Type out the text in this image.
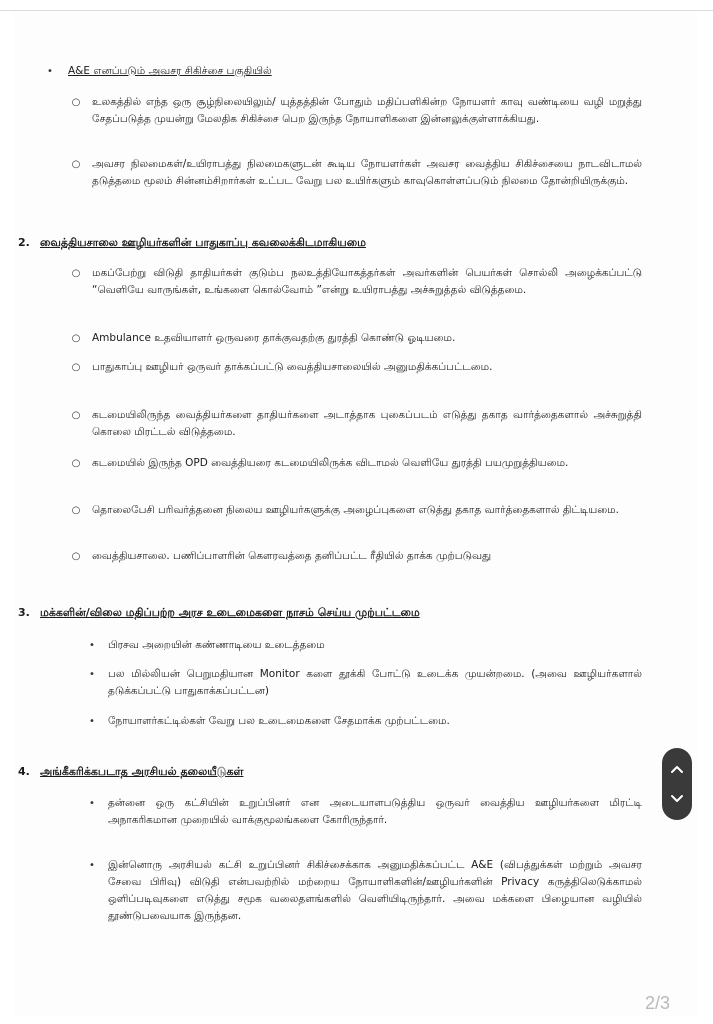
• A&E எனப்படும் அவசர சிகிச்சை பகுதியில்
○ உலகத்தில் எந்த ஒரு சூழ்நிலையிலும்/ யுத்தத்தின் போதும் மதிப்பளிகின்ற நோயளர் காவு வண்டியை வழி மறுத்து சேதப்படுத்த முயன்று மேலதிக சிகிச்சை பெற இருந்த நோயாளிகளை இன்னலுக்குள்ளாக்கியது.
○ அவசர நிலமைகள்/உயிராபத்து நிலமைகளுடன் கூடிய நோயளர்கள் அவசர வைத்திய சிகிச்சையை நாடவிடாமல் தடுத்தமை மூலம் சின்னம்சிறார்கள் உட்பட வேறு பல உயிர்களும் காவுகொள்ளப்படும் நிலமை தோன்றியிருக்கும்.
2. வைத்தியசாலை ஊழியர்களின் பாதுகாப்பு கவலைக்கிடமாகியமை
○ மகப்பேற்று விடுதி தாதியர்கள் குடும்ப நலஉத்தியோகத்தர்கள் அவர்களின் பெயர்கள் சொல்லி அழைக்கப்பட்டு “வெளியே வாருங்கள், உங்களை கொல்வோம் ”என்று உயிராபத்து அச்சுறுத்தல் விடுத்தமை.
○ Ambulance உதவியாளர் ஒருவரை தாக்குவதற்கு துரத்தி கொண்டு ஓடியமை.
○ பாதுகாப்பு ஊழியர் ஒருவர் தாக்கப்பட்டு வைத்தியசாலையில் அனுமதிக்கப்பட்டமை.
○ கடமையிலிருந்த வைத்தியர்களை தாதியர்களை அடாத்தாக புகைப்படம் எடுத்து தகாத வார்த்தைகளால் அச்சுறுத்தி கொலை மிரட்டல் விடுத்தமை.
○ கடமையில் இருந்த OPD வைத்தியரை கடமையிலிருக்க விடாமல் வெளியே துரத்தி பயமுறுத்தியமை.
○ தொலைபேசி பரிவர்த்தனை நிலைய ஊழியர்களுக்கு அழைப்புகளை எடுத்து தகாத வார்த்தைகளால் திட்டியமை.
○ வைத்தியசாலை. பணிப்பாளரின் கௌரவத்தை தனிப்பட்ட ரீதியில் தாக்க முற்படுவது
3. மக்களின்/விலை மதிப்பற்ற அரச உடைமைகளை நாசம் செய்ய முற்பட்டமை
• பிரசவ அறையின் கண்ணாடியை உடைத்தமை
• பல மில்லியன் பெறுமதியான Monitor களை தூக்கி போட்டு உடைக்க முயன்றமை. (அவை ஊழியர்களால் தடுக்கப்பட்டு பாதுகாக்கப்பட்டன)
• நோயாளர்கட்டில்கள் வேறு பல உடைமைகளை சேதமாக்க முற்பட்டமை.
4. அங்கீகரிக்கபடாத அரசியல் தலையீடுகள்
• தன்னை ஒரு கட்சியின் உறுப்பினர் என அடையாளபடுத்திய ஒருவர் வைத்திய ஊழியர்களை மிரட்டி அநாகரிகமான முறையில் வாக்குமூலங்களை கோரிருந்தார்.
• இன்னொரு அரசியல் கட்சி உறுப்பினர் சிகிச்சைக்காக அனுமதிக்கப்பட்ட A&E (விபத்துக்கள் மற்றும் அவசர சேவை பிரிவு) விடுதி என்பவற்றில் மற்றைய நோயாளிகளின்/ஊழியர்களின் Privacy கருத்திலெடுக்காமல் ஒளிப்படிவுகளை எடுத்து சமூக வலைதளங்களில் வெளியிடிருந்தார். அவை மக்களை பிழையான வழியில் தூண்டுபவையாக இருந்தன.
2/3
